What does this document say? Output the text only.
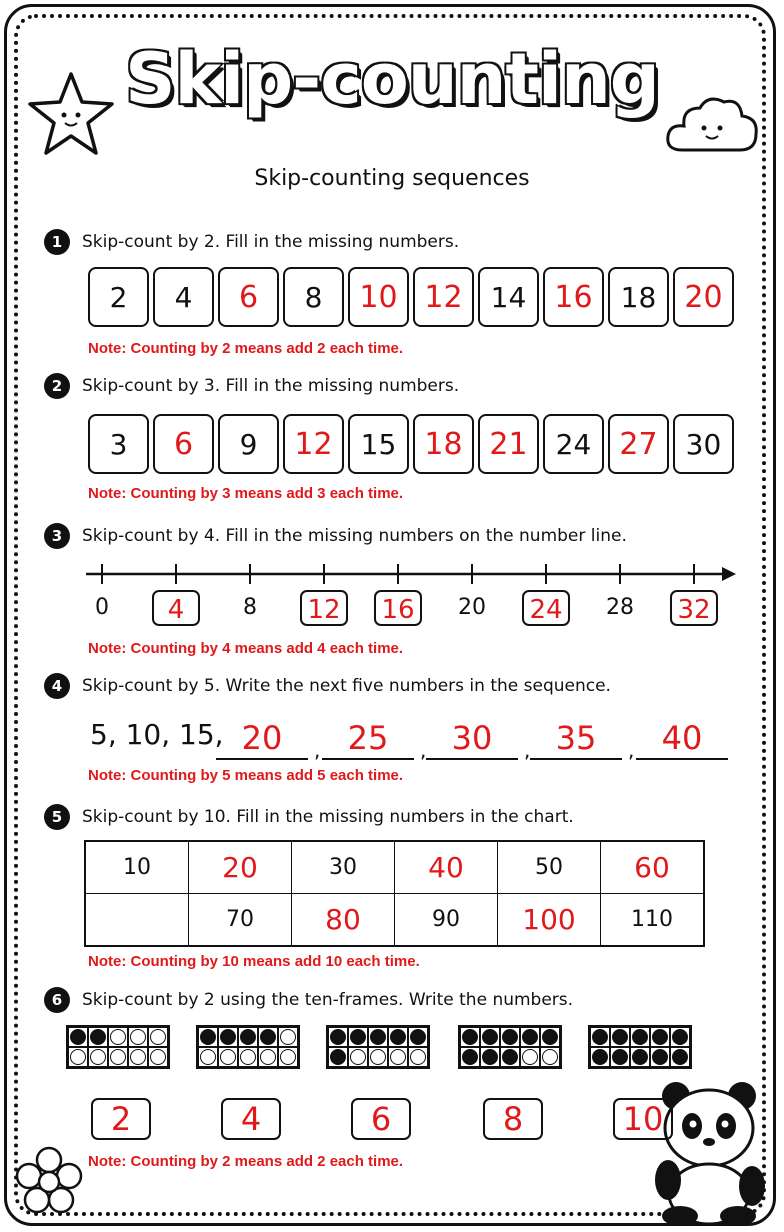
Skip-counting
Skip-counting sequences
1	Skip-count by 2. Fill in the missing numbers.
2	4	6	8	10 12	14 16	18 20
Note: Counting by 2 means add 2 each time.
2	Skip-count by 3. Fill in the missing numbers.
3	6	9	12	15 18 21	24 27	30
Note: Counting by 3 means add 3 each time.
3	Skip-count by 4. Fill in the missing numbers on the number line.
0	4	8	12 16	20	24	28	32
Note: Counting by 4 means add 4 each time.
4	Skip-count by 5. Write the next five numbers in the sequence.
5, 10, 15, 20	, 25	, 30	, 35	, 40
Note: Counting by 5 means add 5 each time.
5	Skip-count by 10. Fill in the missing numbers in the chart.
10	20	30	40	50	60
	70	80	90	100	110
Note: Counting by 10 means add 10 each time.
6	Skip-count by 2 using the ten-frames. Write the numbers.
2	4	6	8	10
Note: Counting by 2 means add 2 each time.
